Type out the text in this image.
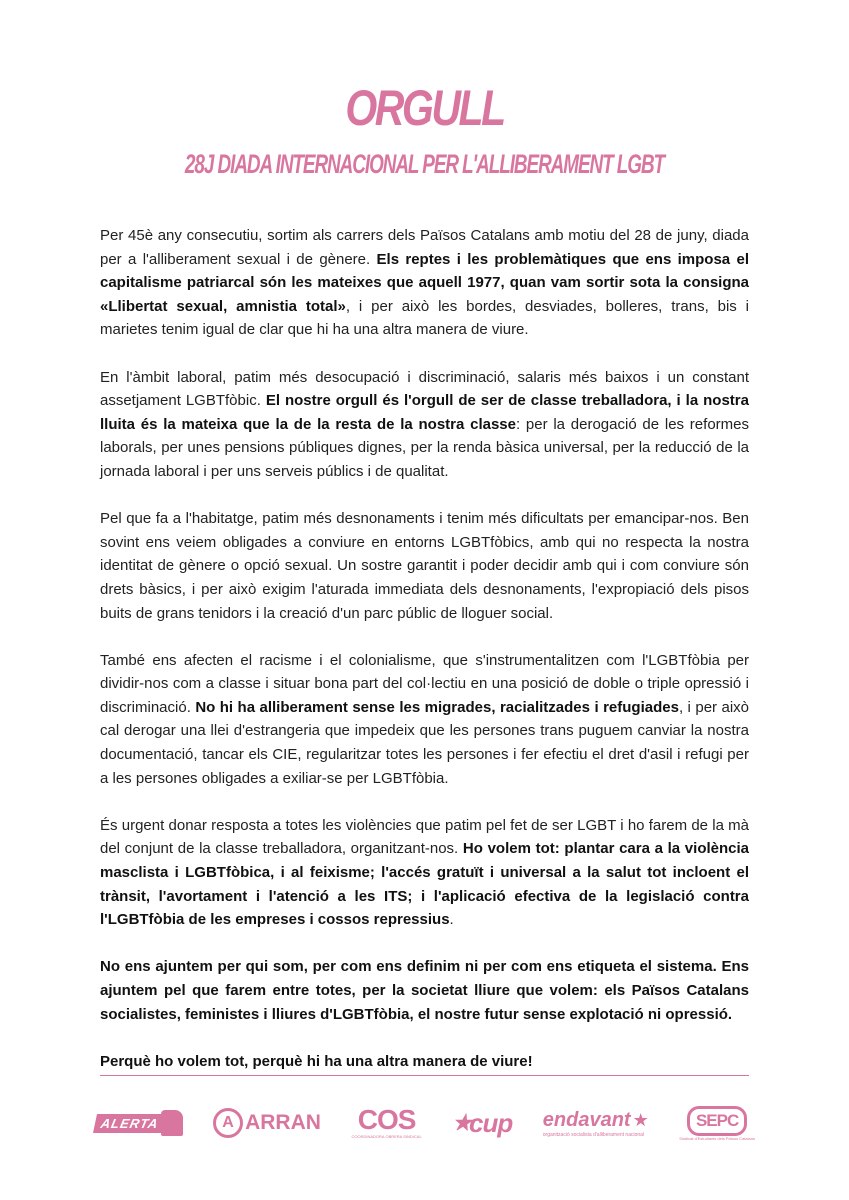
ORGULL
28J DIADA INTERNACIONAL PER L'ALLIBERAMENT LGBT

Per 45è any consecutiu, sortim als carrers dels Països Catalans amb motiu del 28 de juny, diada per a l'alliberament sexual i de gènere. Els reptes i les problemàtiques que ens imposa el capitalisme patriarcal són les mateixes que aquell 1977, quan vam sortir sota la consigna «Llibertat sexual, amnistia total», i per això les bordes, desviades, bolleres, trans, bis i marietes tenim igual de clar que hi ha una altra manera de viure.

En l'àmbit laboral, patim més desocupació i discriminació, salaris més baixos i un constant assetjament LGBTfòbic. El nostre orgull és l'orgull de ser de classe treballadora, i la nostra lluita és la mateixa que la de la resta de la nostra classe: per la derogació de les reformes laborals, per unes pensions públiques dignes, per la renda bàsica universal, per la reducció de la jornada laboral i per uns serveis públics i de qualitat.

Pel que fa a l'habitatge, patim més desnonaments i tenim més dificultats per emancipar-nos. Ben sovint ens veiem obligades a conviure en entorns LGBTfòbics, amb qui no respecta la nostra identitat de gènere o opció sexual. Un sostre garantit i poder decidir amb qui i com conviure són drets bàsics, i per això exigim l'aturada immediata dels desnonaments, l'expropiació dels pisos buits de grans tenidors i la creació d'un parc públic de lloguer social.

També ens afecten el racisme i el colonialisme, que s'instrumentalitzen com l'LGBTfòbia per dividir-nos com a classe i situar bona part del col·lectiu en una posició de doble o triple opressió i discriminació. No hi ha alliberament sense les migrades, racialitzades i refugiades, i per això cal derogar una llei d'estrangeria que impedeix que les persones trans puguem canviar la nostra documentació, tancar els CIE, regularitzar totes les persones i fer efectiu el dret d'asil i refugi per a les persones obligades a exiliar-se per LGBTfòbia.

És urgent donar resposta a totes les violències que patim pel fet de ser LGBT i ho farem de la mà del conjunt de la classe treballadora, organitzant-nos. Ho volem tot: plantar cara a la violència masclista i LGBTfòbica, i al feixisme; l'accés gratuït i universal a la salut tot incloent el trànsit, l'avortament i l'atenció a les ITS; i l'aplicació efectiva de la legislació contra l'LGBTfòbia de les empreses i cossos repressius.

No ens ajuntem per qui som, per com ens definim ni per com ens etiqueta el sistema. Ens ajuntem pel que farem entre totes, per la societat lliure que volem: els Països Catalans socialistes, feministes i lliures d'LGBTfòbia, el nostre futur sense explotació ni opressió.

Perquè ho volem tot, perquè hi ha una altra manera de viure!

ALERTA	A ARRAN COS
COORDINADORA OBRERA SINDICAL
★
cup endavant ★
organització socialista d'alliberament nacional
SEPC
Sindicat d'Estudiants dels Països Catalans
